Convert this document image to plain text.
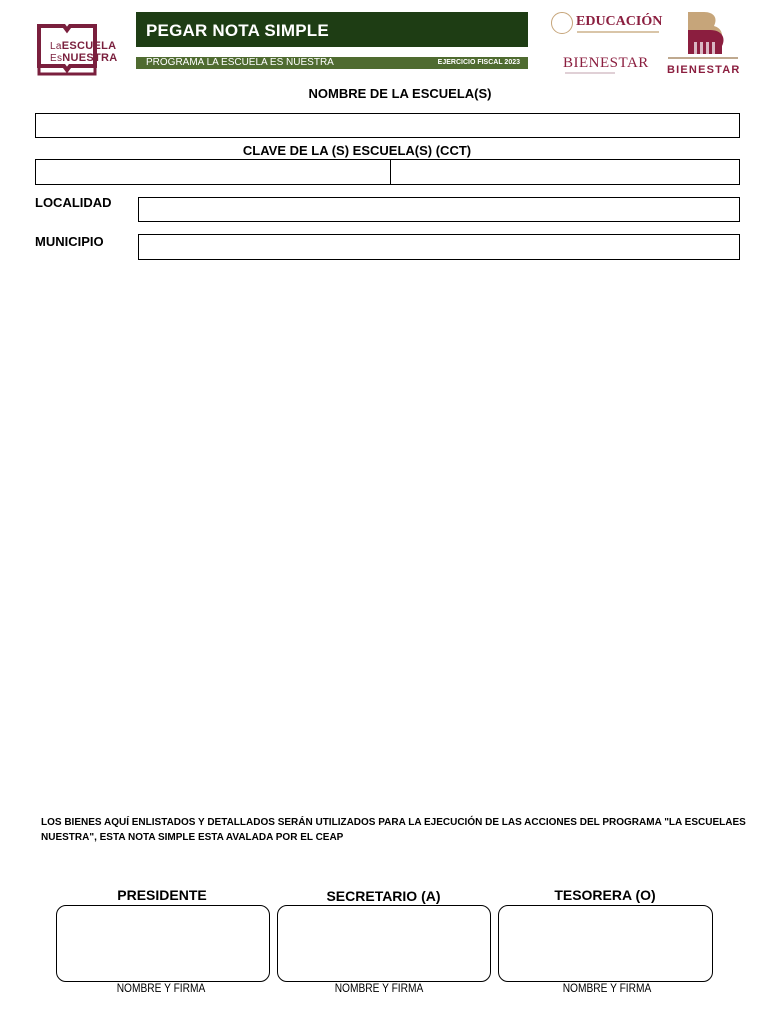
LaESCUELA
EsNUESTRA
PEGAR NOTA SIMPLE
PROGRAMA LA ESCUELA ES NUESTRA	EJERCICIO FISCAL 2023
EDUCACIÓN
BIENESTAR BIENESTAR
NOMBRE DE LA ESCUELA(S)
CLAVE DE LA (S) ESCUELA(S) (CCT)
LOCALIDAD
MUNICIPIO
LOS BIENES AQUÍ ENLISTADOS Y DETALLADOS SERÁN UTILIZADOS PARA LA EJECUCIÓN DE LAS ACCIONES DEL PROGRAMA "LA ESCUELAES NUESTRA", ESTA NOTA SIMPLE ESTA AVALADA POR EL CEAP
PRESIDENTE	SECRETARIO (A)	TESORERA (O)
NOMBRE Y FIRMA	NOMBRE Y FIRMA	NOMBRE Y FIRMA
